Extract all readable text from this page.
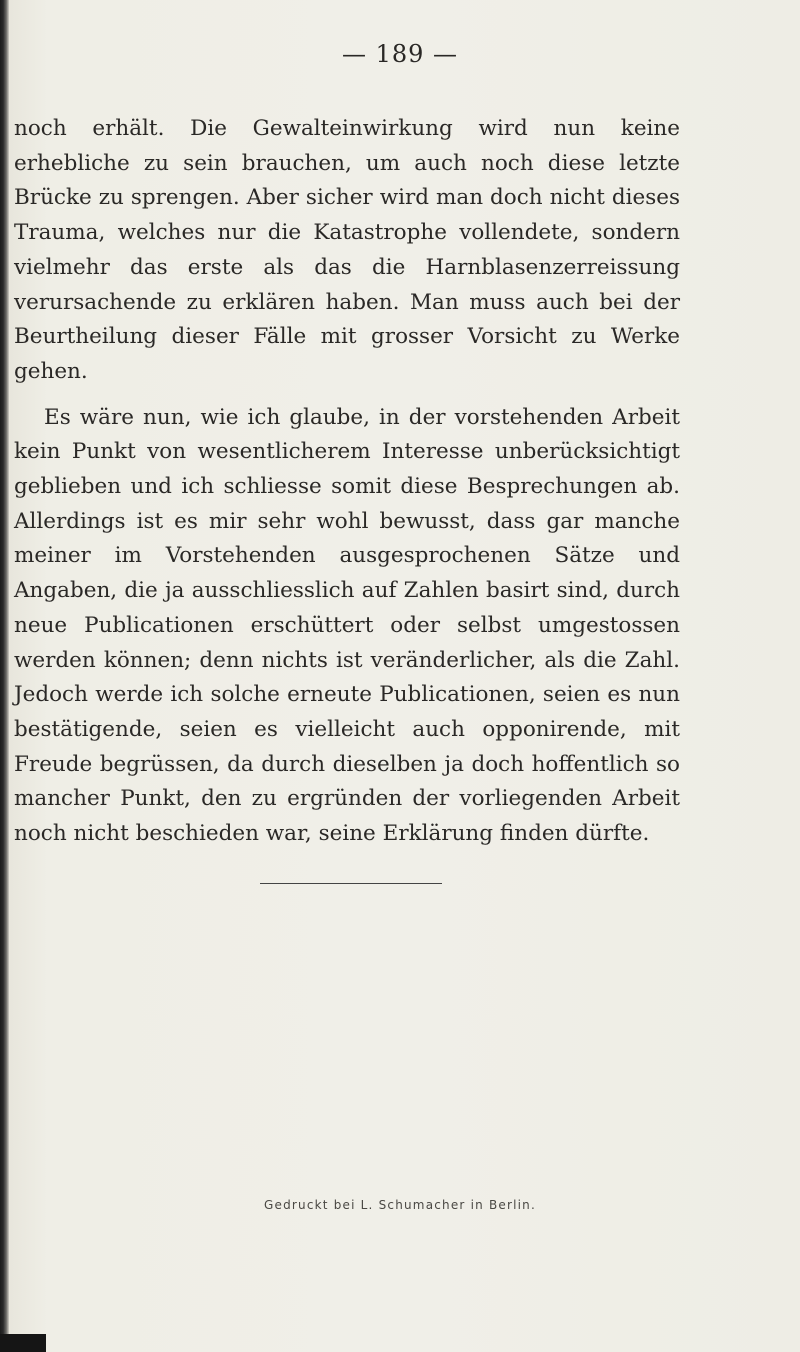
— 189 —

noch erhält. Die Gewalteinwirkung wird nun keine erhebliche zu sein brauchen, um auch noch diese letzte Brücke zu sprengen. Aber sicher wird man doch nicht dieses Trauma, welches nur die Katastrophe vollendete, sondern vielmehr das erste als das die Harnblasenzerreissung verursachende zu erklären haben. Man muss auch bei der Beurtheilung dieser Fälle mit grosser Vorsicht zu Werke gehen.

Es wäre nun, wie ich glaube, in der vorstehenden Arbeit kein Punkt von wesentlicherem Interesse unberücksichtigt geblieben und ich schliesse somit diese Besprechungen ab. Allerdings ist es mir sehr wohl bewusst, dass gar manche meiner im Vorstehenden ausgesprochenen Sätze und Angaben, die ja ausschliesslich auf Zahlen basirt sind, durch neue Publicationen erschüttert oder selbst umgestossen werden können; denn nichts ist veränderlicher, als die Zahl. Jedoch werde ich solche erneute Publicationen, seien es nun bestätigende, seien es vielleicht auch opponirende, mit Freude begrüssen, da durch dieselben ja doch hoffentlich so mancher Punkt, den zu ergründen der vorliegenden Arbeit noch nicht beschieden war, seine Erklärung finden dürfte.

Gedruckt bei L. Schumacher in Berlin.
